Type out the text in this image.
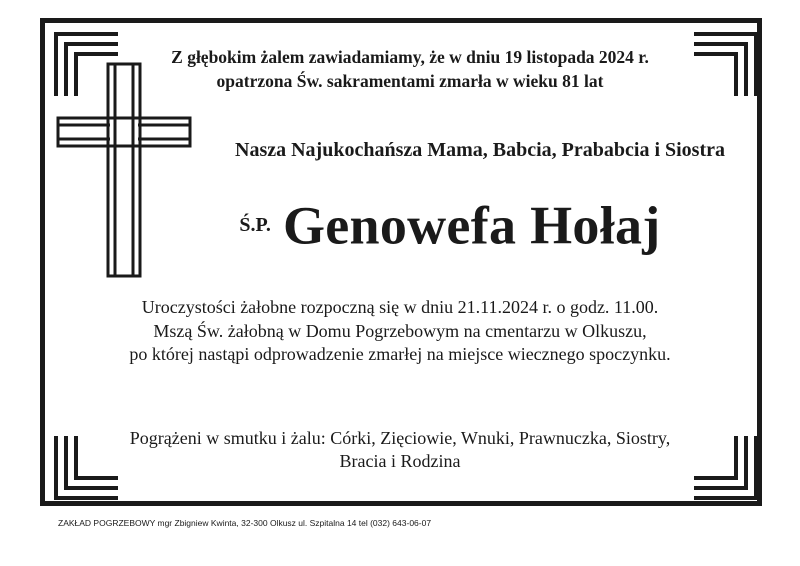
Z głębokim żalem zawiadamiamy, że w dniu 19 listopada 2024 r.
opatrzona Św. sakramentami zmarła w wieku 81 lat
Nasza Najukochańsza Mama, Babcia, Prababcia i Siostra
Ś.P. Genowefa Hołaj
Uroczystości żałobne rozpoczną się w dniu 21.11.2024 r. o godz. 11.00.
Mszą Św. żałobną w Domu Pogrzebowym na cmentarzu w Olkuszu,
po której nastąpi odprowadzenie zmarłej na miejsce wiecznego spoczynku.
Pogrążeni w smutku i żalu: Córki, Zięciowie, Wnuki, Prawnuczka, Siostry,
Bracia i Rodzina
ZAKŁAD POGRZEBOWY mgr Zbigniew Kwinta, 32-300 Olkusz ul. Szpitalna 14 tel (032) 643-06-07
